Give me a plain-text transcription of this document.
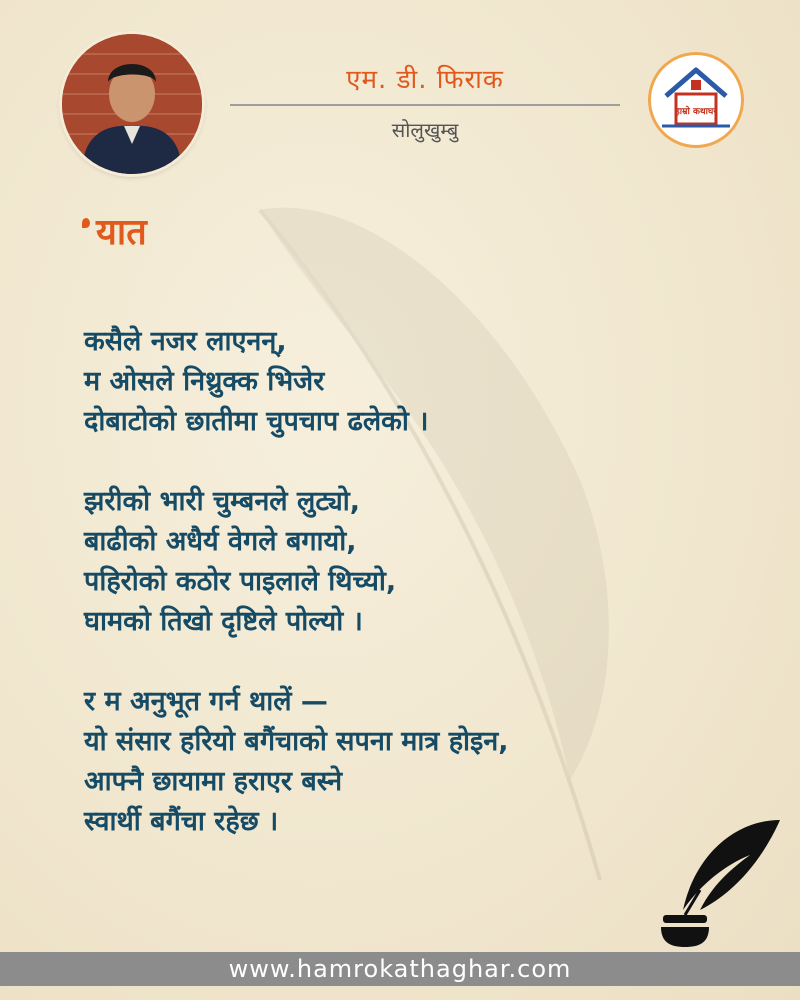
एम. डी. फिराक
सोलुखुम्बु
हाम्रो कथाघर
यात
कसैले नजर लाएनन्,
म ओसले निथ्रुक्क भिजेर
दोबाटोको छातीमा चुपचाप ढलेको ।
झरीको भारी चुम्बनले लुट्यो,
बाढीको अधैर्य वेगले बगायो,
पहिरोको कठोर पाइलाले थिच्यो,
घामको तिखो दृष्टिले पोल्यो ।
र म अनुभूत गर्न थालें —
यो संसार हरियो बगैंचाको सपना मात्र होइन,
आफ्नै छायामा हराएर बस्ने
स्वार्थी बगैंचा रहेछ ।
www.hamrokathaghar.com
